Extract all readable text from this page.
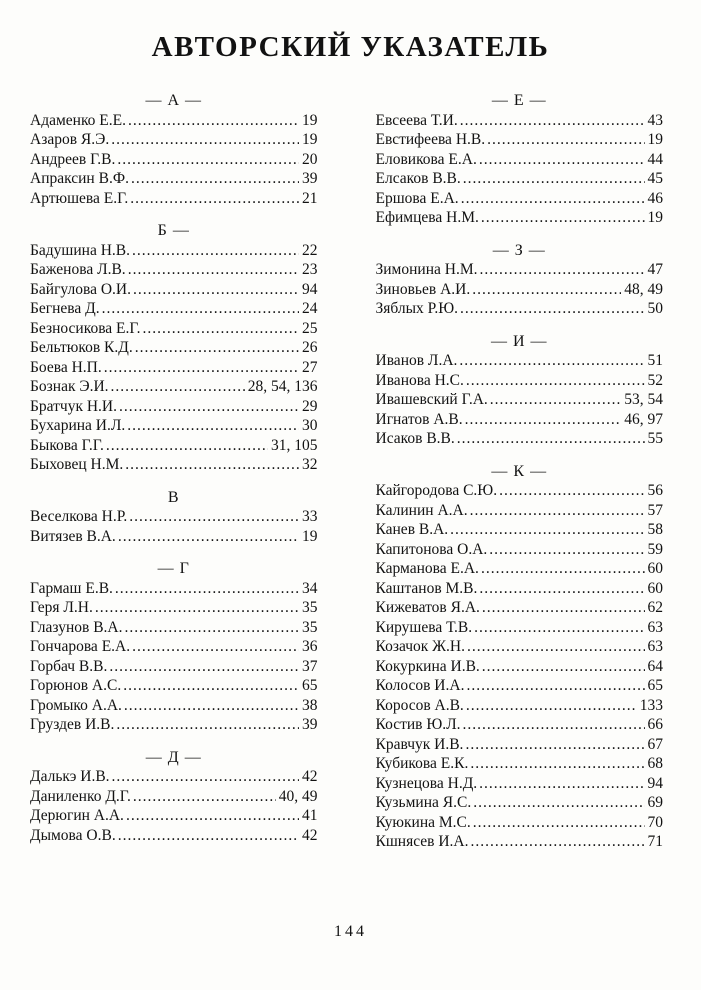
АВТОРСКИЙ УКАЗАТЕЛЬ
— А —
Адаменко Е.Е. .....	19
Азаров Я.Э. .....	19
Андреев Г.В. .....	20
Апраксин В.Ф. .....	39
Артюшева Е.Г. .....	21
Б —
Бадушина Н.В. .....	22
Баженова Л.В. .....	23
Байгулова О.И. .....	94
Бегнева Д. .....	24
Безносикова Е.Г. .....	25
Бельтюков К.Д. .....	26
Боева Н.П. .....	27
Бознак Э.И. .....	28, 54, 136
Братчук Н.И. .....	29
Бухарина И.Л. .....	30
Быкова Г.Г. .....	31, 105
Быховец Н.М. .....	32
В
Веселкова Н.Р. .....	33
Витязев В.А. .....	19
— Г
Гармаш Е.В. .....	34
Геря Л.Н. .....	35
Глазунов В.А. .....	35
Гончарова Е.А. .....	36
Горбач В.В. .....	37
Горюнов А.С. .....	65
Громыко А.А. .....	38
Груздев И.В. .....	39
— Д —
Далькэ И.В. .....	42
Даниленко Д.Г. .....	40, 49
Дерюгин А.А. .....	41
Дымова О.В. .....	42
— Е —
Евсеева Т.И. .....	43
Евстифеева Н.В. .....	19
Еловикова Е.А. .....	44
Елсаков В.В. .....	45
Ершова Е.А. .....	46
Ефимцева Н.М. .....	19
— З —
Зимонина Н.М. .....	47
Зиновьев А.И. .....	48, 49
Зяблых Р.Ю. .....	50
— И —
Иванов Л.А. .....	51
Иванова Н.С. .....	52
Ивашевский Г.А. .....	53, 54
Игнатов А.В. .....	46, 97
Исаков В.В. .....	55
— К —
Кайгородова С.Ю. .....	56
Калинин А.А. .....	57
Канев В.А. .....	58
Капитонова О.А. .....	59
Карманова Е.А. .....	60
Каштанов М.В. .....	60
Кижеватов Я.А. .....	62
Кирушева Т.В. .....	63
Козачок Ж.Н. .....	63
Кокуркина И.В. .....	64
Колосов И.А. .....	65
Коросов А.В. .....	133
Костив Ю.Л. .....	66
Кравчук И.В. .....	67
Кубикова Е.К. .....	68
Кузнецова Н.Д. .....	94
Кузьмина Я.С. .....	69
Куюкина М.С. .....	70
Кшнясев И.А. .....	71
144
